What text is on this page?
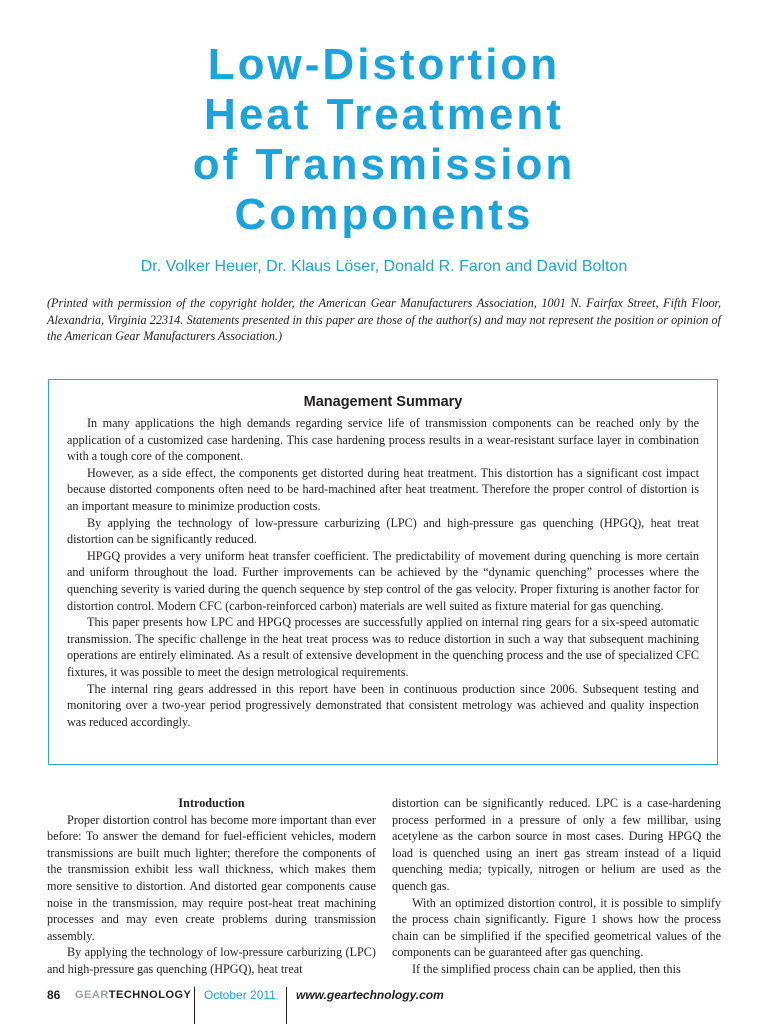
Low-Distortion
Heat Treatment
of Transmission
Components
Dr. Volker Heuer, Dr. Klaus Löser, Donald R. Faron and David Bolton
(Printed with permission of the copyright holder, the American Gear Manufacturers Association, 1001 N. Fairfax Street, Fifth Floor, Alexandria, Virginia 22314. Statements presented in this paper are those of the author(s) and may not represent the position or opinion of the American Gear Manufacturers Association.)
Management Summary

In many applications the high demands regarding service life of transmission components can be reached only by the application of a customized case hardening. This case hardening process results in a wear-resistant surface layer in combination with a tough core of the component.

However, as a side effect, the components get distorted during heat treatment. This distortion has a significant cost impact because distorted components often need to be hard-machined after heat treatment. Therefore the proper control of distortion is an important measure to minimize production costs.

By applying the technology of low-pressure carburizing (LPC) and high-pressure gas quenching (HPGQ), heat treat distortion can be significantly reduced.

HPGQ provides a very uniform heat transfer coefficient. The predictability of movement during quenching is more certain and uniform throughout the load. Further improvements can be achieved by the “dynamic quenching” processes where the quenching severity is varied during the quench sequence by step control of the gas velocity. Proper fixturing is another factor for distortion control. Modern CFC (carbon-reinforced carbon) materials are well suited as fixture material for gas quenching.

This paper presents how LPC and HPGQ processes are successfully applied on internal ring gears for a six-speed automatic transmission. The specific challenge in the heat treat process was to reduce distortion in such a way that subsequent machining operations are entirely eliminated. As a result of extensive development in the quenching process and the use of specialized CFC fixtures, it was possible to meet the design metrological requirements.

The internal ring gears addressed in this report have been in continuous production since 2006. Subsequent testing and monitoring over a two-year period progressively demonstrated that consistent metrology was achieved and quality inspection was reduced accordingly.

Introduction

Proper distortion control has become more important than ever before: To answer the demand for fuel-efficient vehicles, modern transmissions are built much lighter; therefore the components of the transmission exhibit less wall thickness, which makes them more sensitive to distortion. And distorted gear components cause noise in the transmission, may require post-heat treat machining processes and may even create problems during transmission assembly.

By applying the technology of low-pressure carburizing (LPC) and high-pressure gas quenching (HPGQ), heat treat

distortion can be significantly reduced. LPC is a case-hardening process performed in a pressure of only a few millibar, using acetylene as the carbon source in most cases. During HPGQ the load is quenched using an inert gas stream instead of a liquid quenching media; typically, nitrogen or helium are used as the quench gas.

With an optimized distortion control, it is possible to simplify the process chain significantly. Figure 1 shows how the process chain can be simplified if the specified geometrical values of the components can be guaranteed after gas quenching.

If the simplified process chain can be applied, then this

86 GEARTECHNOLOGY October 2011 www.geartechnology.com
